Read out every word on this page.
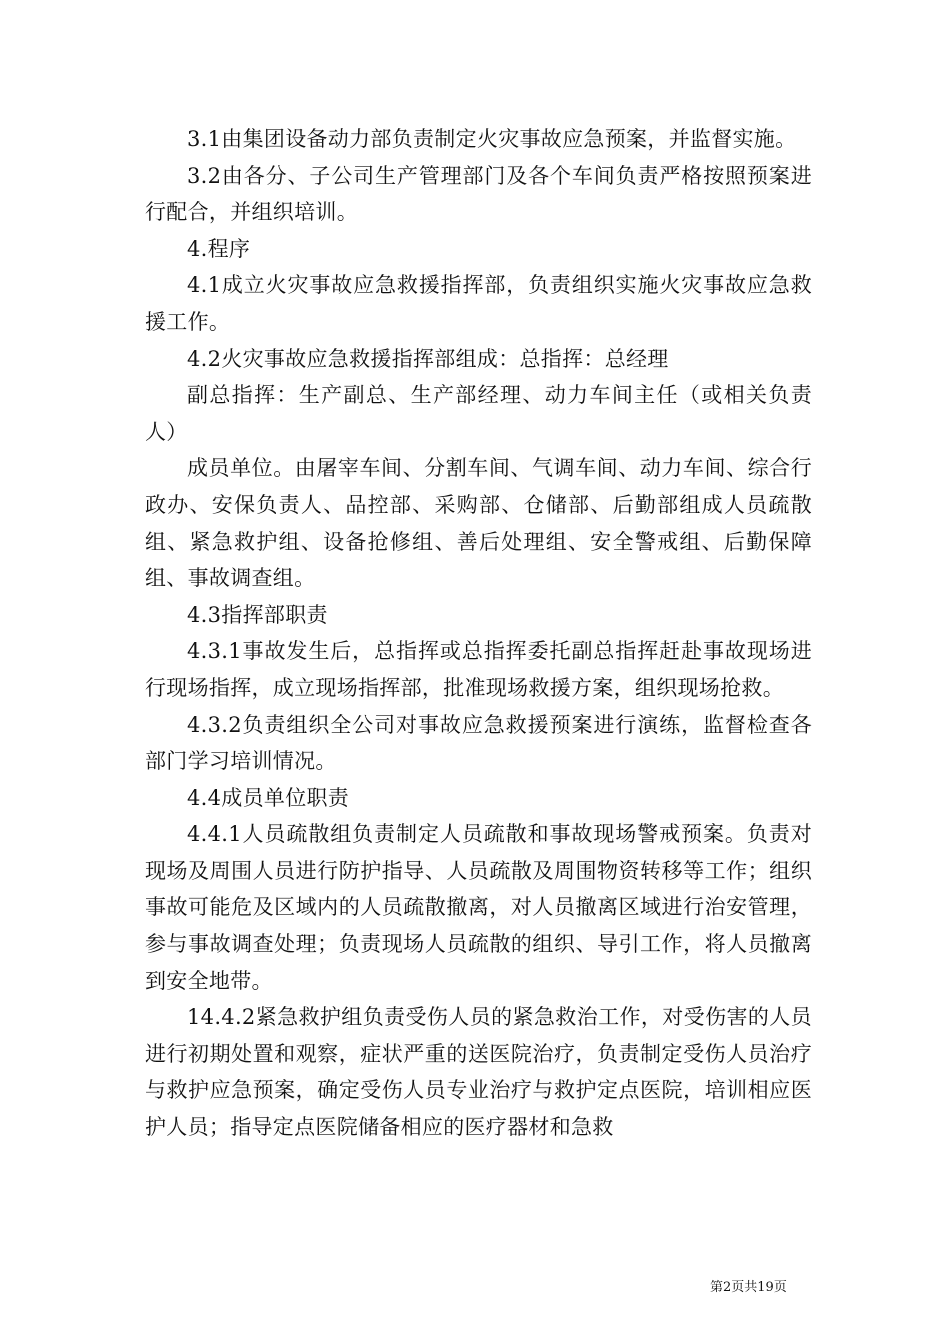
3.1由集团设备动力部负责制定火灾事故应急预案，并监督实施。

3.2由各分、子公司生产管理部门及各个车间负责严格按照预案进行配合，并组织培训。

4.程序

4.1成立火灾事故应急救援指挥部，负责组织实施火灾事故应急救援工作。

4.2火灾事故应急救援指挥部组成：总指挥：总经理

副总指挥：生产副总、生产部经理、动力车间主任（或相关负责人）

成员单位。由屠宰车间、分割车间、气调车间、动力车间、综合行政办、安保负责人、品控部、采购部、仓储部、后勤部组成人员疏散组、紧急救护组、设备抢修组、善后处理组、安全警戒组、后勤保障组、事故调查组。

4.3指挥部职责

4.3.1事故发生后，总指挥或总指挥委托副总指挥赶赴事故现场进行现场指挥，成立现场指挥部，批准现场救援方案，组织现场抢救。

4.3.2负责组织全公司对事故应急救援预案进行演练，监督检查各部门学习培训情况。

4.4成员单位职责

4.4.1人员疏散组负责制定人员疏散和事故现场警戒预案。负责对现场及周围人员进行防护指导、人员疏散及周围物资转移等工作；组织事故可能危及区域内的人员疏散撤离，对人员撤离区域进行治安管理，参与事故调查处理；负责现场人员疏散的组织、导引工作，将人员撤离到安全地带。

14.4.2紧急救护组负责受伤人员的紧急救治工作，对受伤害的人员进行初期处置和观察，症状严重的送医院治疗，负责制定受伤人员治疗与救护应急预案，确定受伤人员专业治疗与救护定点医院，培训相应医护人员；指导定点医院储备相应的医疗器材和急救

第2页共19页
